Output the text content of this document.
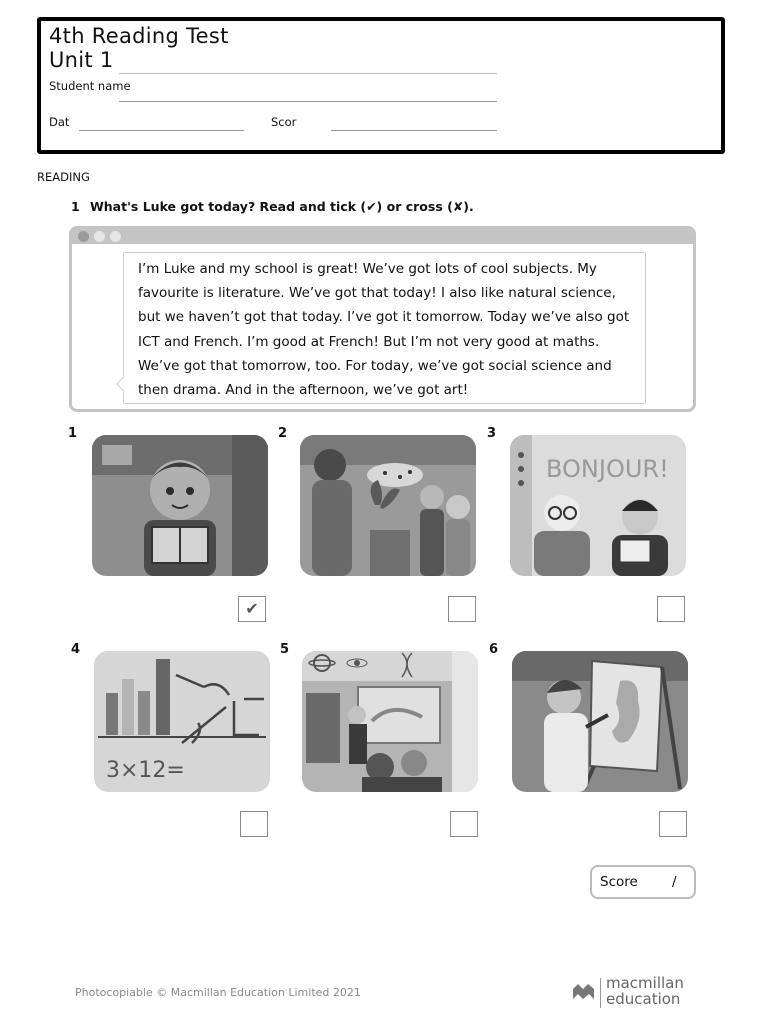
4th Reading Test
Unit 1
Student name
Dat	Scor
READING
1 What's Luke got today? Read and tick (✔) or cross (✘).

I’m Luke and my school is great! We’ve got lots of cool subjects. My favourite is literature. We’ve got that today! I also like natural science, but we haven’t got that today. I’ve got it tomorrow. Today we’ve also got ICT and French. I’m good at French! But I’m not very good at maths. We’ve got that tomorrow, too. For today, we’ve got social science and then drama. And in the afternoon, we’ve got art!

1	2	3
4	5	6
BONJOUR!
3×12=
✔
Score	/
Photocopiable © Macmillan Education Limited 2021
macmillan
education
